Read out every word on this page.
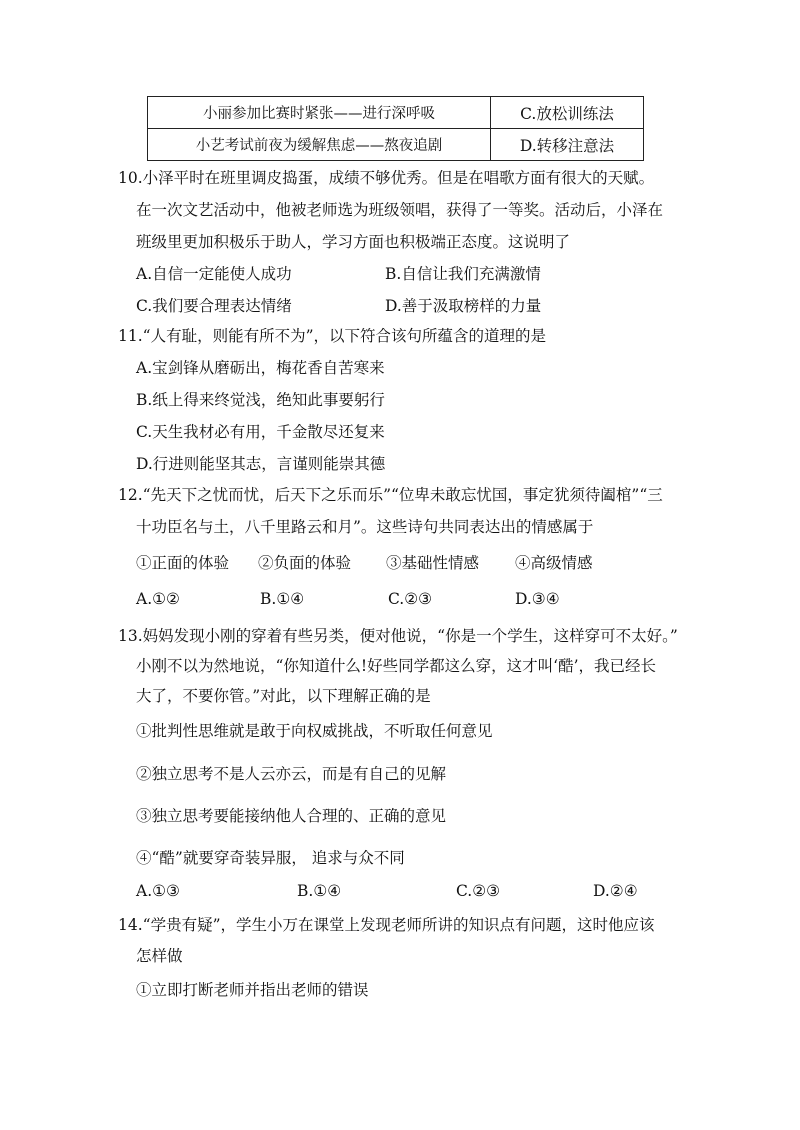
小丽参加比赛时紧张——进行深呼吸	C.放松训练法
小艺考试前夜为缓解焦虑——熬夜追剧	D.转移注意法
10.小泽平时在班里调皮捣蛋，成绩不够优秀。但是在唱歌方面有很大的天赋。
在一次文艺活动中，他被老师选为班级领唱，获得了一等奖。活动后，小泽在
班级里更加积极乐于助人，学习方面也积极端正态度。这说明了
A.自信一定能使人成功	B.自信让我们充满激情
C.我们要合理表达情绪	D.善于汲取榜样的力量
11.“人有耻，则能有所不为”，以下符合该句所蕴含的道理的是
A.宝剑锋从磨砺出，梅花香自苦寒来
B.纸上得来终觉浅，绝知此事要躬行
C.天生我材必有用，千金散尽还复来
D.行进则能坚其志，言谨则能崇其德
12.“先天下之忧而忧，后天下之乐而乐”“位卑未敢忘忧国，事定犹须待阖棺”“三
十功臣名与土，八千里路云和月”。这些诗句共同表达出的情感属于
①正面的体验 ②负面的体验 ③基础性情感 ④高级情感
A.①②	B.①④	C.②③	D.③④
13.妈妈发现小刚的穿着有些另类，便对他说，“你是一个学生，这样穿可不太好。”
小刚不以为然地说，“你知道什么!好些同学都这么穿，这才叫‘酷’，我已经长
大了，不要你管。”对此，以下理解正确的是
①批判性思维就是敢于向权威挑战，不听取任何意见
②独立思考不是人云亦云，而是有自己的见解
③独立思考要能接纳他人合理的、正确的意见
④“酷”就要穿奇装异服， 追求与众不同
A.①③	B.①④	C.②③	D.②④
14.“学贵有疑”，学生小万在课堂上发现老师所讲的知识点有问题，这时他应该
怎样做
①立即打断老师并指出老师的错误
